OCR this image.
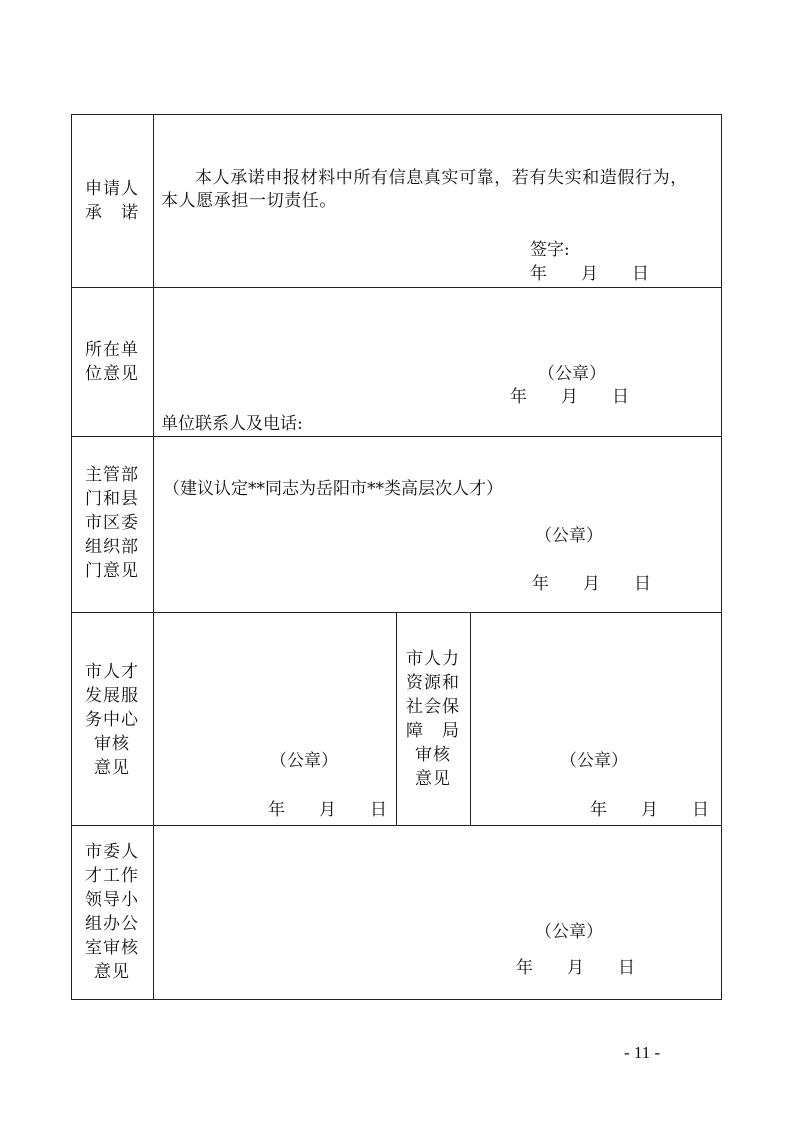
申请人
承　诺
本人承诺申报材料中所有信息真实可靠，若有失实和造假行为，
本人愿承担一切责任。
签字:
年　　月　　日
所在单
位意见	（公章）
年　　月　　日
单位联系人及电话:
主管部
门和县
市区委
组织部
门意见
（建议认定**同志为岳阳市**类高层次人才）
（公章）
年　　月　　日
市人才
发展服
务中心
审核
意见	（公章）
年　　月　　日
市人力
资源和
社会保
障　局
审核
意见
（公章）
年　　月　　日
市委人
才工作
领导小
组办公
室审核
意见
（公章）
年　　月　　日
- 11 -
